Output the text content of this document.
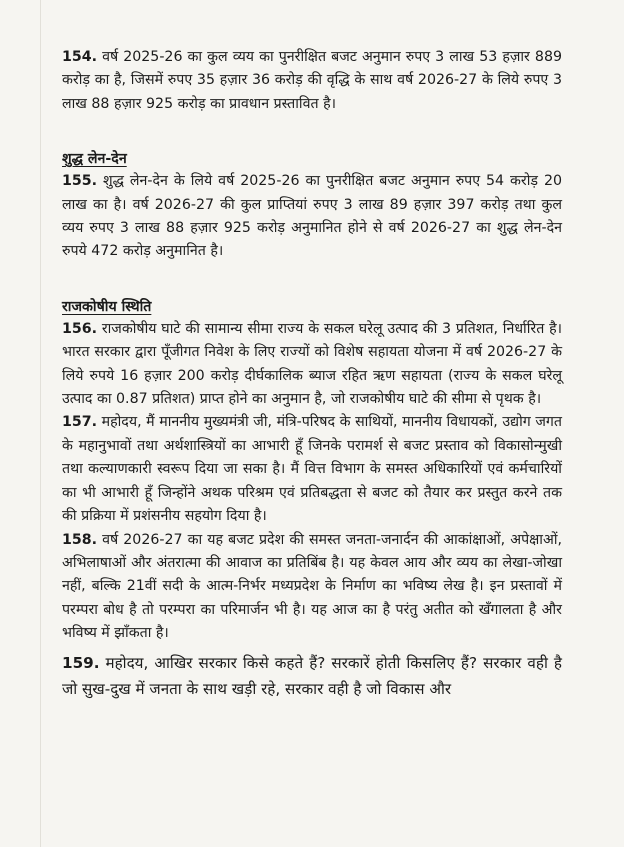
154. वर्ष 2025-26 का कुल व्यय का पुनरीक्षित बजट अनुमान रुपए 3 लाख 53 हज़ार 889 करोड़ का है, जिसमें रुपए 35 हज़ार 36 करोड़ की वृद्धि के साथ वर्ष 2026-27 के लिये रुपए 3 लाख 88 हज़ार 925 करोड़ का प्रावधान प्रस्तावित है।

शुद्ध लेन-देन

155. शुद्ध लेन-देन के लिये वर्ष 2025-26 का पुनरीक्षित बजट अनुमान रुपए 54 करोड़ 20 लाख का है। वर्ष 2026-27 की कुल प्राप्तियां रुपए 3 लाख 89 हज़ार 397 करोड़ तथा कुल व्यय रुपए 3 लाख 88 हज़ार 925 करोड़ अनुमानित होने से वर्ष 2026-27 का शुद्ध लेन-देन रुपये 472 करोड़ अनुमानित है।

राजकोषीय स्थिति

156. राजकोषीय घाटे की सामान्य सीमा राज्य के सकल घरेलू उत्पाद की 3 प्रतिशत, निर्धारित है। भारत सरकार द्वारा पूँजीगत निवेश के लिए राज्यों को विशेष सहायता योजना में वर्ष 2026-27 के लिये रुपये 16 हज़ार 200 करोड़ दीर्घकालिक ब्याज रहित ऋण सहायता (राज्य के सकल घरेलू उत्पाद का 0.87 प्रतिशत) प्राप्त होने का अनुमान है, जो राजकोषीय घाटे की सीमा से पृथक है।

157. महोदय, मैं माननीय मुख्यमंत्री जी, मंत्रि-परिषद के साथियों, माननीय विधायकों, उद्योग जगत के महानुभावों तथा अर्थशास्त्रियों का आभारी हूँ जिनके परामर्श से बजट प्रस्ताव को विकासोन्मुखी तथा कल्याणकारी स्वरूप दिया जा सका है। मैं वित्त विभाग के समस्त अधिकारियों एवं कर्मचारियों का भी आभारी हूँ जिन्होंने अथक परिश्रम एवं प्रतिबद्धता से बजट को तैयार कर प्रस्तुत करने तक की प्रक्रिया में प्रशंसनीय सहयोग दिया है।

158. वर्ष 2026-27 का यह बजट प्रदेश की समस्त जनता-जनार्दन की आकांक्षाओं, अपेक्षाओं, अभिलाषाओं और अंतरात्मा की आवाज का प्रतिबिंब है। यह केवल आय और व्यय का लेखा-जोखा नहीं, बल्कि 21वीं सदी के आत्म-निर्भर मध्यप्रदेश के निर्माण का भविष्य लेख है। इन प्रस्तावों में परम्परा बोध है तो परम्परा का परिमार्जन भी है। यह आज का है परंतु अतीत को खँगालता है और भविष्य में झाँकता है।

159. महोदय, आखिर सरकार किसे कहते हैं? सरकारें होती किसलिए हैं? सरकार वही है जो सुख-दुख में जनता के साथ खड़ी रहे, सरकार वही है जो विकास और
